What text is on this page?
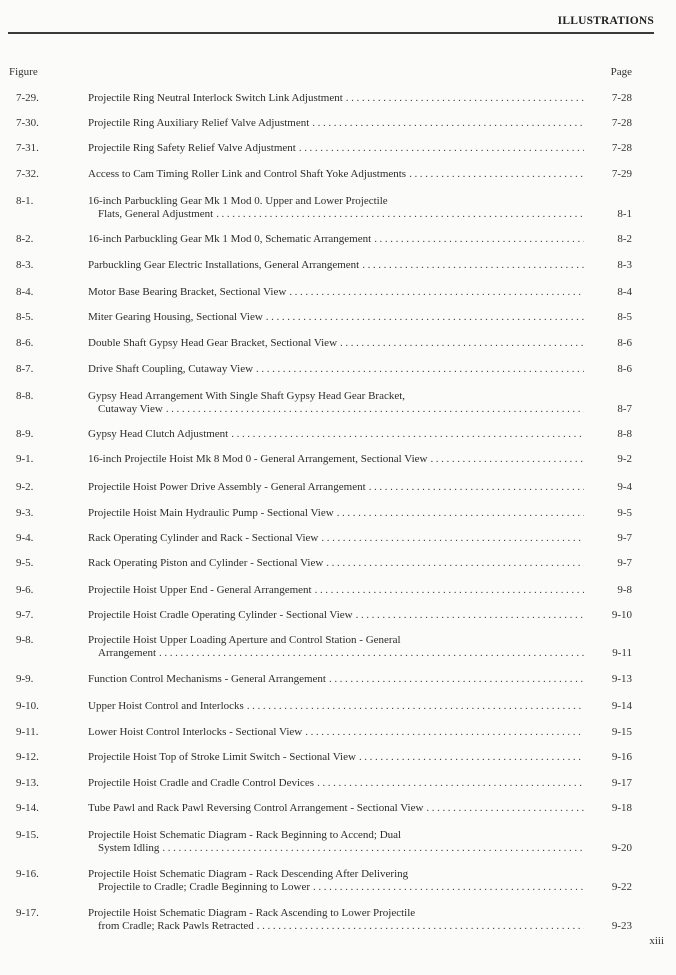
ILLUSTRATIONS
Figure	Page
7-29.	Projectile Ring Neutral Interlock Switch Link Adjustment .....	7-28
7-30.	Projectile Ring Auxiliary Relief Valve Adjustment .....	7-28
7-31.	Projectile Ring Safety Relief Valve Adjustment .....	7-28
7-32.	Access to Cam Timing Roller Link and Control Shaft Yoke Adjustments .....	7-29
8-1.	16-inch Parbuckling Gear Mk 1 Mod 0. Upper and Lower Projectile
Flats, General Adjustment .....	8-1
8-2.	16-inch Parbuckling Gear Mk 1 Mod 0, Schematic Arrangement .....	8-2
8-3.	Parbuckling Gear Electric Installations, General Arrangement .....	8-3
8-4.	Motor Base Bearing Bracket, Sectional View .....	8-4
8-5.	Miter Gearing Housing, Sectional View .....	8-5
8-6.	Double Shaft Gypsy Head Gear Bracket, Sectional View .....	8-6
8-7.	Drive Shaft Coupling, Cutaway View .....	8-6
8-8.	Gypsy Head Arrangement With Single Shaft Gypsy Head Gear Bracket,
Cutaway View .....	8-7
8-9.	Gypsy Head Clutch Adjustment .....	8-8
9-1.	16-inch Projectile Hoist Mk 8 Mod 0 - General Arrangement, Sectional View .....	9-2
9-2.	Projectile Hoist Power Drive Assembly - General Arrangement .....	9-4
9-3.	Projectile Hoist Main Hydraulic Pump - Sectional View .....	9-5
9-4.	Rack Operating Cylinder and Rack - Sectional View .....	9-7
9-5.	Rack Operating Piston and Cylinder - Sectional View .....	9-7
9-6.	Projectile Hoist Upper End - General Arrangement .....	9-8
9-7.	Projectile Hoist Cradle Operating Cylinder - Sectional View .....	9-10
9-8.	Projectile Hoist Upper Loading Aperture and Control Station - General
Arrangement .....	9-11
9-9.	Function Control Mechanisms - General Arrangement .....	9-13
9-10.	Upper Hoist Control and Interlocks .....	9-14
9-11.	Lower Hoist Control Interlocks - Sectional View .....	9-15
9-12.	Projectile Hoist Top of Stroke Limit Switch - Sectional View .....	9-16
9-13.	Projectile Hoist Cradle and Cradle Control Devices .....	9-17
9-14.	Tube Pawl and Rack Pawl Reversing Control Arrangement - Sectional View .....	9-18
9-15.	Projectile Hoist Schematic Diagram - Rack Beginning to Accend; Dual
System Idling .....	9-20
9-16.	Projectile Hoist Schematic Diagram - Rack Descending After Delivering
Projectile to Cradle; Cradle Beginning to Lower .....	9-22
9-17.	Projectile Hoist Schematic Diagram - Rack Ascending to Lower Projectile
from Cradle; Rack Pawls Retracted .....	9-23
xiii
